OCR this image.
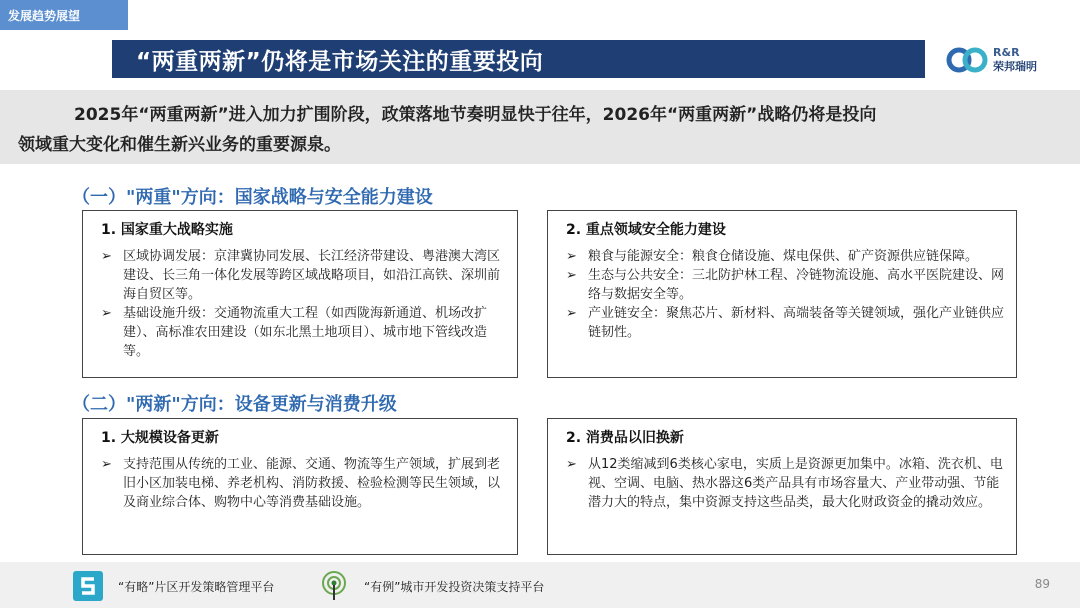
发展趋势展望
“两重两新”仍将是市场关注的重要投向	R&R
荣邦瑞明
2025年“两重两新”进入加力扩围阶段，政策落地节奏明显快于往年，2026年“两重两新”战略仍将是投向
领域重大变化和催生新兴业务的重要源泉。
（一）"两重"方向：国家战略与安全能力建设
1. 国家重大战略实施
➢ 区域协调发展：京津冀协同发展、长江经济带建设、粤港澳大湾区建设、长三角一体化发展等跨区域战略项目，如沿江高铁、深圳前海自贸区等。
➢ 基础设施升级：交通物流重大工程（如西陇海新通道、机场改扩建）、高标准农田建设（如东北黑土地项目）、城市地下管线改造等。
2. 重点领域安全能力建设
➢ 粮食与能源安全：粮食仓储设施、煤电保供、矿产资源供应链保障。
➢ 生态与公共安全：三北防护林工程、冷链物流设施、高水平医院建设、网络与数据安全等。
➢ 产业链安全：聚焦芯片、新材料、高端装备等关键领域，强化产业链供应链韧性。
（二）"两新"方向：设备更新与消费升级
1. 大规模设备更新
➢ 支持范围从传统的工业、能源、交通、物流等生产领域，扩展到老旧小区加装电梯、养老机构、消防救援、检验检测等民生领域，以及商业综合体、购物中心等消费基础设施。
2. 消费品以旧换新
➢ 从12类缩减到6类核心家电，实质上是资源更加集中。冰箱、洗衣机、电视、空调、电脑、热水器这6类产品具有市场容量大、产业带动强、节能潜力大的特点，集中资源支持这些品类，最大化财政资金的撬动效应。
“有略”片区开发策略管理平台	“有例”城市开发投资决策支持平台	89
